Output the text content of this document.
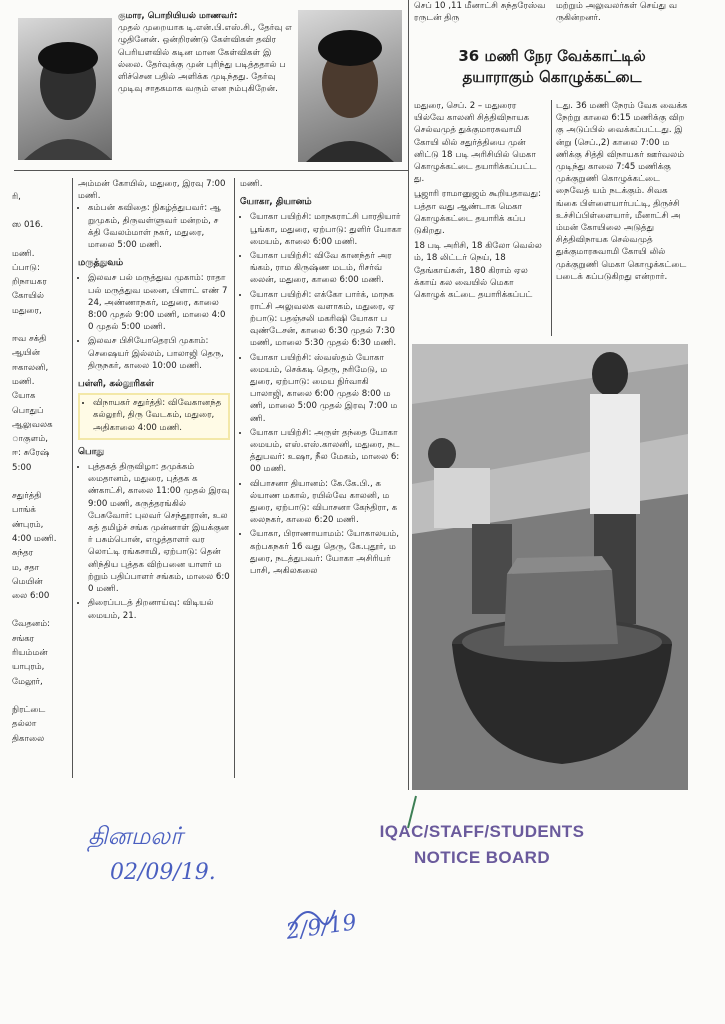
குமார, பொறியியல் மாணவர்:

முதல் முறையாக டி.என்.பி.எஸ்.சி., தேர்வு எழுதினேன். ஒன்றிரண்டு கேள்விகள் தவிர பெரியளவில் கடின மான கேள்விகள் இல்லை. தேர்வுக்கு முன் புரிந்து படித்ததால் பளிச்சென பதில் அளிக்க முடிந்தது. தேர்வு முடிவு சாதகமாக வரும் என நம்புகிறேன்.

ரி,
ஸ 016.
மணி.
ப்பாடு:
றிநாயகர
கோயில்
மதுரை,
ஈவ சக்தி
ஆயின்
ஈகாலனி,
மணி.
யோக
பொதுப்
ஆலுவலக
ாகுளம்,
ஈ: சுரேஷ்
5:00
சதுர்த்தி
பாங்க்
ண்புரம்,
4:00 மணி.
சுந்தர
ம, சதா
மெயின்
லை 6:00
வேதனம்:
சங்கர
ரியம்மன்
யாபுரம்,
மேலூர்,
நிரட்டை
தல்லா
திகாலை

அம்மன் கோயில், மதுரை, இரவு 7:00 மணி.

• கம்பன் கவிதை: நிகழ்த்துபவர்: ஆறுமுகம், திருவள்ளுவர் மன்றம், சக்தி வேலம்மாள் நகர், மதுரை, மாலை 5:00 மணி.
மருத்துவம்
• இலவச பல் மருத்துவ முகாம்: ராதா பல் மருத்துவ மனை, பிளாட் எண் 724, அண்ணாநகர், மதுரை, காலை 8:00 முதல் 9:00 மணி, மாலை 4:00 முதல் 5:00 மணி.
• இலவச பிசியோதெரபி முகாம்: செஷையர் இல்லம், பாலாஜி தெரு, திருநகர், காலை 10:00 மணி.
பள்ளி, கல்லூரிகள்
• விநாயகர் சதுர்த்தி: விவேகானந்த கல்லூரி, திரு வேடகம், மதுரை, அதிகாலை 4:00 மணி.
பொது
• புத்தகத் திருவிழா: தமுக்கம் மைதானம், மதுரை, புத்தக கண்காட்சி, காலை 11:00 முதல் இரவு 9:00 மணி, கருத்தரங்கில் பேசுவோர்: புலவர் செந்தூரான், உலகத் தமிழ்ச் சங்க முன்னாள் இயக்குனர் பசும்பொன், எழுத்தாளர் வரலொட்டி ரங்கசாமி, ஏற்பாடு: தென் னிந்திய புத்தக விற்பனை யாளர் மற்றும் பதிப்பாளர் சங்கம், மாலை 6:00 மணி.
• திரைப்படத் திறனாய்வு: விடியல் மையம், 21.

மணி.

யோகா, தியானம்
• யோகா பயிற்சி: மாநகராட்சி பாரதியார் பூங்கா, மதுரை, ஏற்பாடு: துளிர் யோகா மையம், காலை 6:00 மணி.
• யோகா பயிற்சி: விவே கானந்தர் அரங்கம், ராம கிருஷ்ண மடம், ரிசர்வ் லைன், மதுரை, காலை 6:00 மணி.
• யோகா பயிற்சி: எக்கோ பார்க், மாநகராட்சி அலுவலக வளாகம், மதுரை, ஏற்பாடு: பதஞ்சலி மகரிஷி யோகா பவுண்டேசன், காலை 6:30 முதல் 7:30 மணி, மாலை 5:30 முதல் 6:30 மணி.
• யோகா பயிற்சி: ஸ்வஸ்தம் யோகா மையம், செக்கடி தெரு, நரிமேடு, மதுரை, ஏற்பாடு: மைய நிர்வாகி பாலாஜி, காலை 6:00 முதல் 8:00 மணி, மாலை 5:00 முதல் இரவு 7:00 மணி.
• யோகா பயிற்சி: அருள் தந்தை யோகா மையம், எஸ்.எஸ்.காலனி, மதுரை, நடத்துபவர்: உஷா, நீல மேகம், மாலை 6:00 மணி.
• விபாசனா தியானம்: கே.கே.பி., கல்யாண மகால், ரயில்வே காலனி, மதுரை, ஏற்பாடு: விபாசனா கேந்திரா, கலைநகர், காலை 6:20 மணி.
• யோகா, பிராணாயாமம்: யோகாலயம், கற்பகநகர் 16 வது தெரு, கே.புதூர், மதுரை, நடத்துபவர்: யோகா அசிரியர் பாசி, அகிலகலை
செப் 10 ,11 மீனாட்சி சுந்தரேஸ்வரருடன் திரு
மற்றும் அலுவலர்கள் செய்து வருகின்றனர்.
36 மணி நேர வேக்காட்டில்
தயாராகும் கொழுக்கட்டை

மதுரை, செப். 2 – மதுரைரயில்வே காலனி சித்திவிநாயக செல்வமுத் துக்குமாரசுவாமி கோயி லில் சதுர்த்தியை முன் னிட்டு 18 படி அரிசியில் மெகா கொழுக்கட்டை தயாரிக்கப்பட்டது.

பூஜாரி ராமானுஜம் கூறியதாவது: பத்தா வது ஆண்டாக மெகா கொழுக்கட்டை தயாரிக் கப்படுகிறது.

18 படி அரிசி, 18 கிலோ வெல்லம், 18 லிட்டர் நெய், 18 தேங்காய்கள், 180 கிராம் ஏலக்காய் கல வையில் மெகா கொழுக் கட்டை தயாரிக்கப்பட்

டது. 36 மணி நேரம் வேக வைக்க நேற்று காலை 6:15 மணிக்கு விறகு அடுப்பில் வைக்கப்பட்டது. இன்று (செப்.,2) காலை 7:00 மணிக்கு சித்தி விநாயகர் ஊர்வலம் முடிந்து காலை 7:45 மணிக்கு முக்குறுணி கொழுக்கட்டை நைவேத் யம் நடக்கும். சிவகங்கை பிள்ளையார்பட்டி, திருச்சி உச்சிப்பிள்ளையார், மீனாட்சி அம்மன் கோயிலை அடுத்து சித்திவிநாயக செல்வமுத் துக்குமாரசுவாமி கோயி லில் முக்குறுணி மெகா கொழுக்கட்டை படைக் கப்படுகிறது என்றார்.

தினமலர்
02/09/19.
2/9/19
IQAC/STAFF/STUDENTS
NOTICE BOARD
